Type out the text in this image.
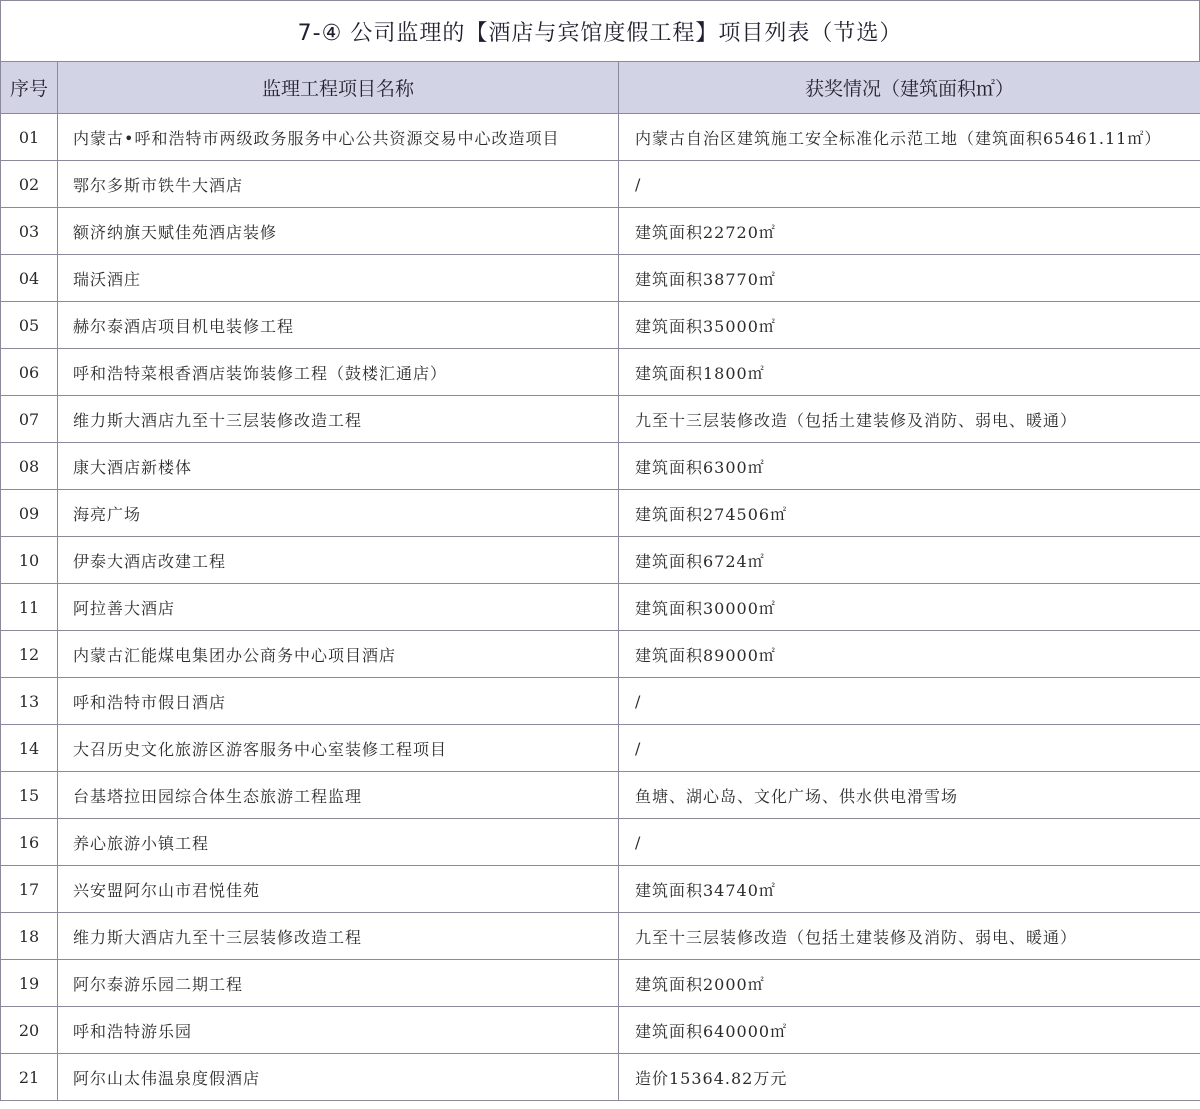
7-④ 公司监理的【酒店与宾馆度假工程】项目列表（节选）
序号	监理工程项目名称	获奖情况（建筑面积㎡）
01	内蒙古•呼和浩特市两级政务服务中心公共资源交易中心改造项目	内蒙古自治区建筑施工安全标准化示范工地（建筑面积65461.11㎡）
02	鄂尔多斯市铁牛大酒店	/
03	额济纳旗天赋佳苑酒店装修	建筑面积22720㎡
04	瑞沃酒庄	建筑面积38770㎡
05	赫尔泰酒店项目机电装修工程	建筑面积35000㎡
06	呼和浩特菜根香酒店装饰装修工程（鼓楼汇通店）	建筑面积1800㎡
07	维力斯大酒店九至十三层装修改造工程	九至十三层装修改造（包括土建装修及消防、弱电、暖通）
08	康大酒店新楼体	建筑面积6300㎡
09	海亮广场	建筑面积274506㎡
10	伊泰大酒店改建工程	建筑面积6724㎡
11	阿拉善大酒店	建筑面积30000㎡
12	内蒙古汇能煤电集团办公商务中心项目酒店	建筑面积89000㎡
13	呼和浩特市假日酒店	/
14	大召历史文化旅游区游客服务中心室装修工程项目	/
15	台基塔拉田园综合体生态旅游工程监理	鱼塘、湖心岛、文化广场、供水供电滑雪场
16	养心旅游小镇工程	/
17	兴安盟阿尔山市君悦佳苑	建筑面积34740㎡
18	维力斯大酒店九至十三层装修改造工程	九至十三层装修改造（包括土建装修及消防、弱电、暖通）
19	阿尔泰游乐园二期工程	建筑面积2000㎡
20	呼和浩特游乐园	建筑面积640000㎡
21	阿尔山太伟温泉度假酒店	造价15364.82万元
